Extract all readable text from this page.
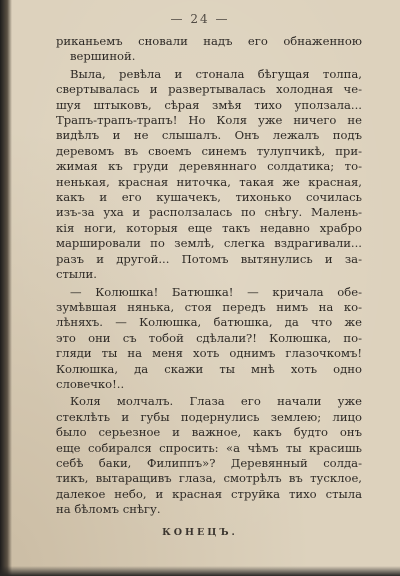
— 24 —
риканьемъ сновали надъ его обнаженною
вершиной.
Выла, ревѣла и стонала бѣгущая толпа,
свертывалась и развертывалась холодная че-
шуя штыковъ, сѣрая змѣя тихо уползала...
Трапъ-трапъ-трапъ! Но Коля уже ничего не
видѣлъ и не слышалъ. Онъ лежалъ подъ
деревомъ въ своемъ синемъ тулупчикѣ, при-
жимая къ груди деревяннаго солдатика; то-
ненькая, красная ниточка, такая же красная,
какъ и его кушачекъ, тихонько сочилась
изъ-за уха и расползалась по снѣгу. Малень-
кія ноги, которыя еще такъ недавно храбро
маршировали по землѣ, слегка вздрагивали...
разъ и другой... Потомъ вытянулись и за-
стыли.
— Колюшка! Батюшка! — кричала обе-
зумѣвшая нянька, стоя передъ нимъ на ко-
лѣняхъ. — Колюшка, батюшка, да что же
это они съ тобой сдѣлали?! Колюшка, по-
гляди ты на меня хоть однимъ глазочкомъ!
Колюшка, да скажи ты мнѣ хоть одно
словечко!..
Коля молчалъ. Глаза его начали уже
стеклѣть и губы подернулись землею; лицо
было серьезное и важное, какъ будто онъ
еще собирался спросить: «а чѣмъ ты красишь
себѣ баки, Филиппъ»? Деревянный солда-
тикъ, вытаращивъ глаза, смотрѣлъ въ тусклое,
далекое небо, и красная струйка тихо стыла
на бѣломъ снѣгу.
КОНЕЦЪ.
